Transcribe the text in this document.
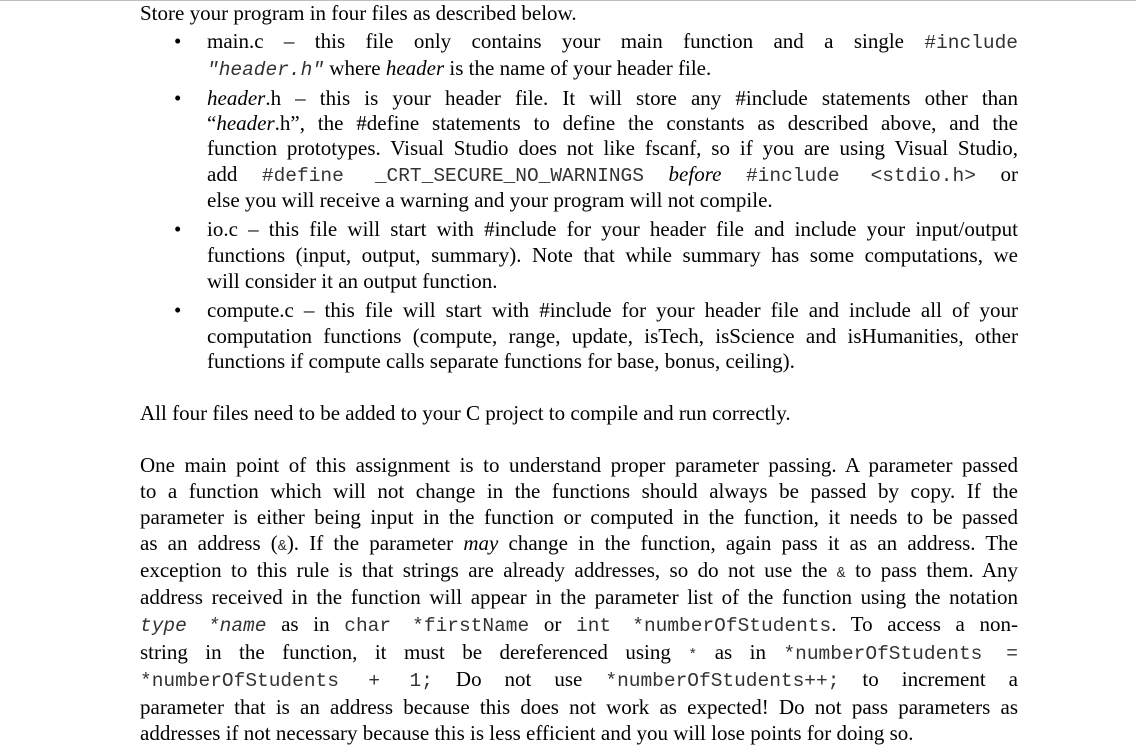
Store your program in four files as described below.
• main.c – this file only contains your main function and a single #include
"header.h" where header is the name of your header file.
• header.h – this is your header file. It will store any #include statements other than
“header.h”, the #define statements to define the constants as described above, and the
function prototypes. Visual Studio does not like fscanf, so if you are using Visual Studio,
add #define _CRT_SECURE_NO_WARNINGS before #include <stdio.h> or
else you will receive a warning and your program will not compile.
• io.c – this file will start with #include for your header file and include your input/output
functions (input, output, summary). Note that while summary has some computations, we
will consider it an output function.
• compute.c – this file will start with #include for your header file and include all of your
computation functions (compute, range, update, isTech, isScience and isHumanities, other
functions if compute calls separate functions for base, bonus, ceiling).
All four files need to be added to your C project to compile and run correctly.
One main point of this assignment is to understand proper parameter passing. A parameter passed
to a function which will not change in the functions should always be passed by copy. If the
parameter is either being input in the function or computed in the function, it needs to be passed
as an address (&). If the parameter may change in the function, again pass it as an address. The
exception to this rule is that strings are already addresses, so do not use the & to pass them. Any
address received in the function will appear in the parameter list of the function using the notation
type *name as in char *firstName or int *numberOfStudents. To access a non-
string in the function, it must be dereferenced using * as in *numberOfStudents =
*numberOfStudents + 1; Do not use *numberOfStudents++; to increment a
parameter that is an address because this does not work as expected! Do not pass parameters as
addresses if not necessary because this is less efficient and you will lose points for doing so.
